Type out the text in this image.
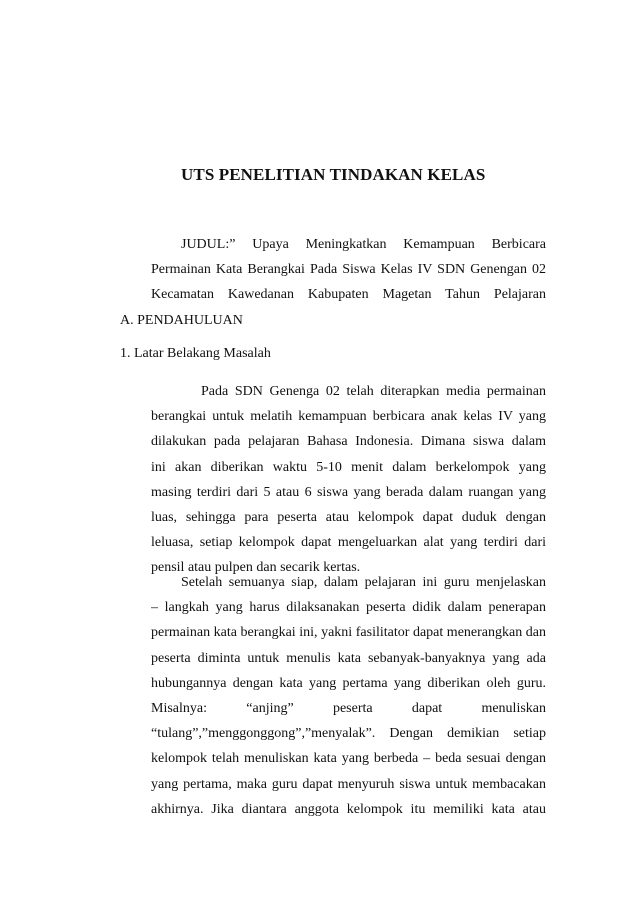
UTS PENELITIAN TINDAKAN KELAS
JUDUL:” Upaya Meningkatkan Kemampuan Berbicara
Permainan Kata Berangkai Pada Siswa Kelas IV SDN Genengan 02
Kecamatan Kawedanan Kabupaten Magetan Tahun Pelajaran
A. PENDAHULUAN
1. Latar Belakang Masalah
Pada SDN Genenga 02 telah diterapkan media permainan
berangkai untuk melatih kemampuan berbicara anak kelas IV yang
dilakukan pada pelajaran Bahasa Indonesia. Dimana siswa dalam
ini akan diberikan waktu 5-10 menit dalam berkelompok yang
masing terdiri dari 5 atau 6 siswa yang berada dalam ruangan yang
luas, sehingga para peserta atau kelompok dapat duduk dengan
leluasa, setiap kelompok dapat mengeluarkan alat yang terdiri dari
pensil atau pulpen dan secarik kertas.
Setelah semuanya siap, dalam pelajaran ini guru menjelaskan
– langkah yang harus dilaksanakan peserta didik dalam penerapan
permainan kata berangkai ini, yakni fasilitator dapat menerangkan dan
peserta diminta untuk menulis kata sebanyak-banyaknya yang ada
hubungannya dengan kata yang pertama yang diberikan oleh guru.
Misalnya: “anjing” peserta dapat menuliskan
“tulang”,”menggonggong”,”menyalak”. Dengan demikian setiap
kelompok telah menuliskan kata yang berbeda – beda sesuai dengan
yang pertama, maka guru dapat menyuruh siswa untuk membacakan
akhirnya. Jika diantara anggota kelompok itu memiliki kata atau
